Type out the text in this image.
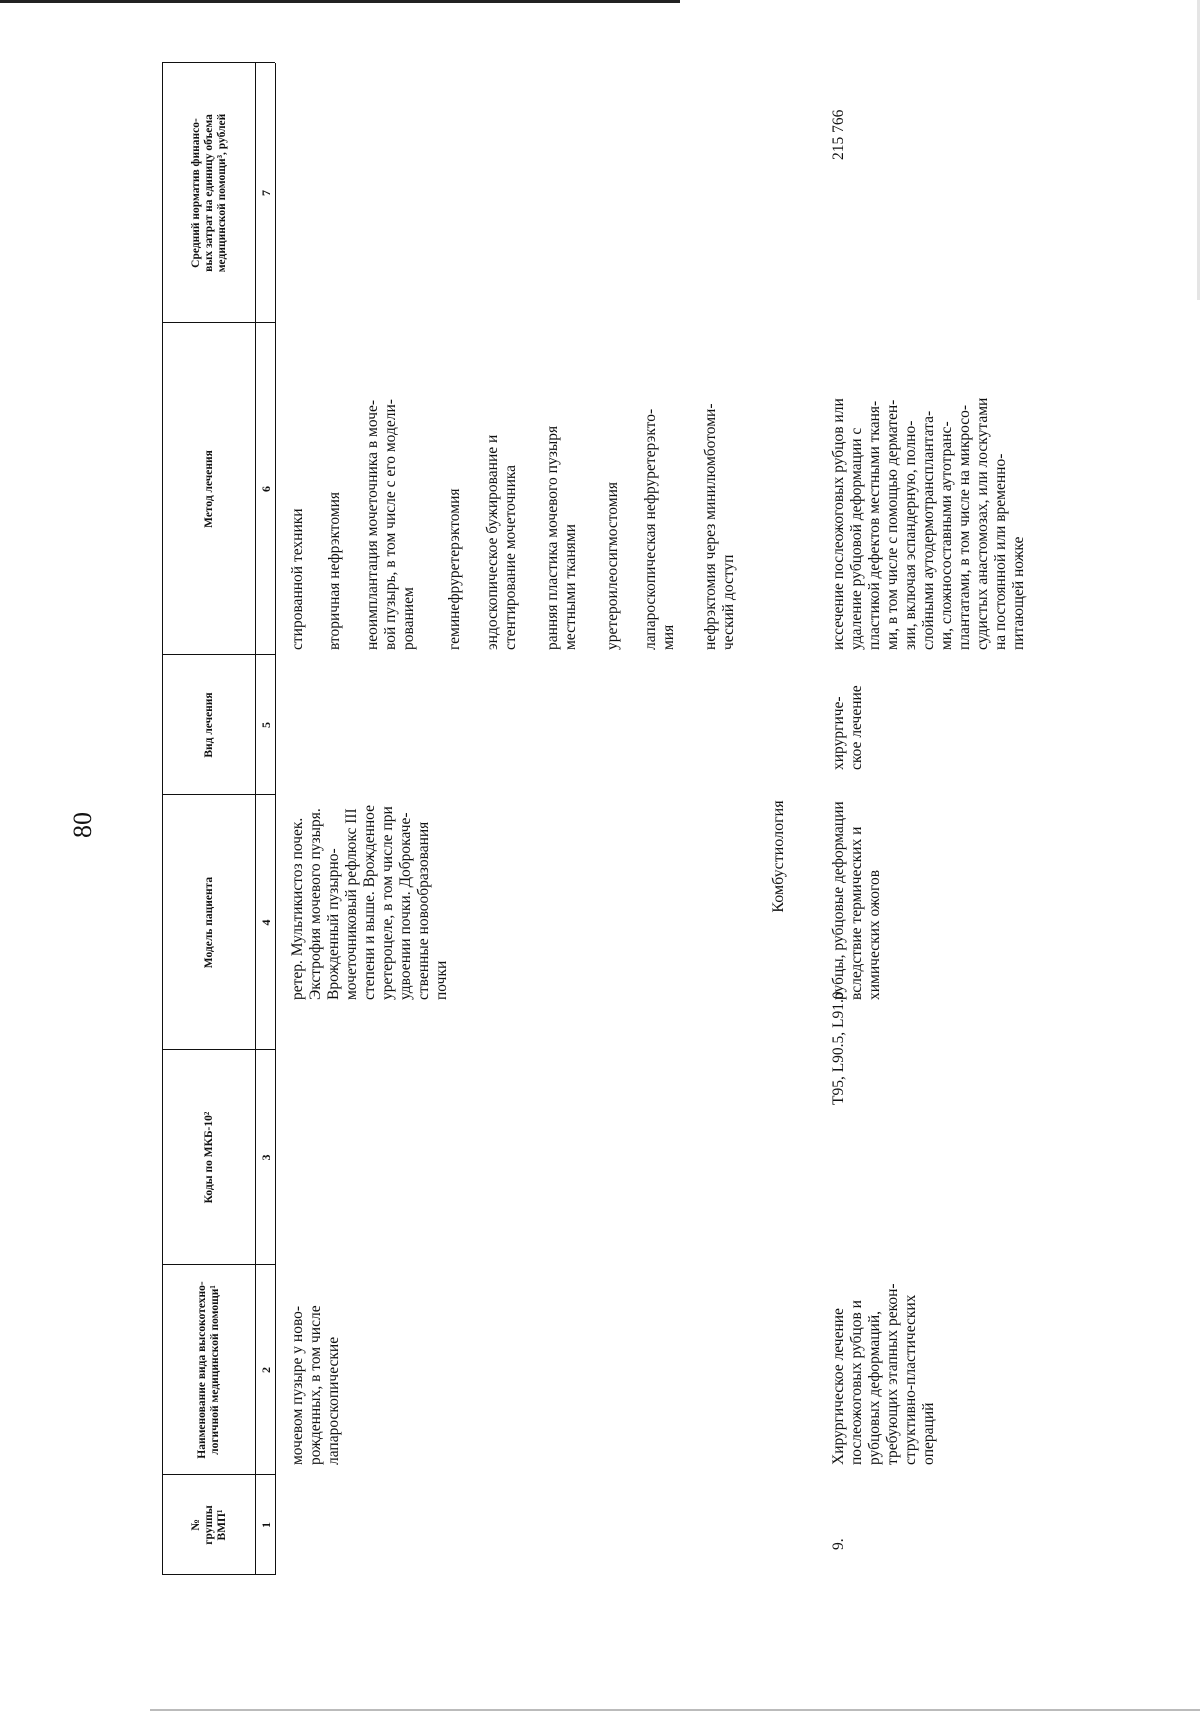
80
№
группы
ВМП¹
Наименование вида высокотехно-
логичной медицинской помощи¹
Коды по МКБ-10²
Модель пациента
Вид лечения
Метод лечения
Средний норматив финансо-
вых затрат на единицу объема
медицинской помощи³, рублей
1
2
3
4
5
6
7
мочевом пузыре у ново-
рожденных, в том числе
лапароскопические
ретер. Мультикистоз почек.
Экстрофия мочевого пузыря.
Врожденный пузырно-
мочеточниковый рефлюкс III
степени и выше. Врожденное
уретероцеле, в том числе при
удвоении почки. Доброкаче-
ственные новообразования
почки
стированной техники вторичная нефрэктомия неоимплантация мочеточника в моче-
вой пузырь, в том числе с его модели-
рованием геминефруретерэктомия эндоскопическое бужирование и
стентирование мочеточника
ранняя пластика мочевого пузыря
местными тканями уретероилеосигмостомия лапароскопическая нефруретерэкто-
мия нефрэктомия через минилюмботоми-
ческий доступ
Комбустиология
9.
Хирургическое лечение
послеожоговых рубцов и
рубцовых деформаций,
требующих этапных рекон-
структивно-пластических
операций
T95, L90.5, L91.0
рубцы, рубцовые деформации
вследствие термических и
химических ожогов
хирургиче-
ское лечение
иссечение послеожоговых рубцов или
удаление рубцовой деформации с
пластикой дефектов местными тканя-
ми, в том числе с помощью дерматен-
зии, включая эспандерную, полно-
слойными аутодермотрансплантата-
ми, сложносоставными аутотранс-
плантатами, в том числе на микросо-
судистых анастомозах, или лоскутами
на постоянной или временно-
питающей ножке
215 766
